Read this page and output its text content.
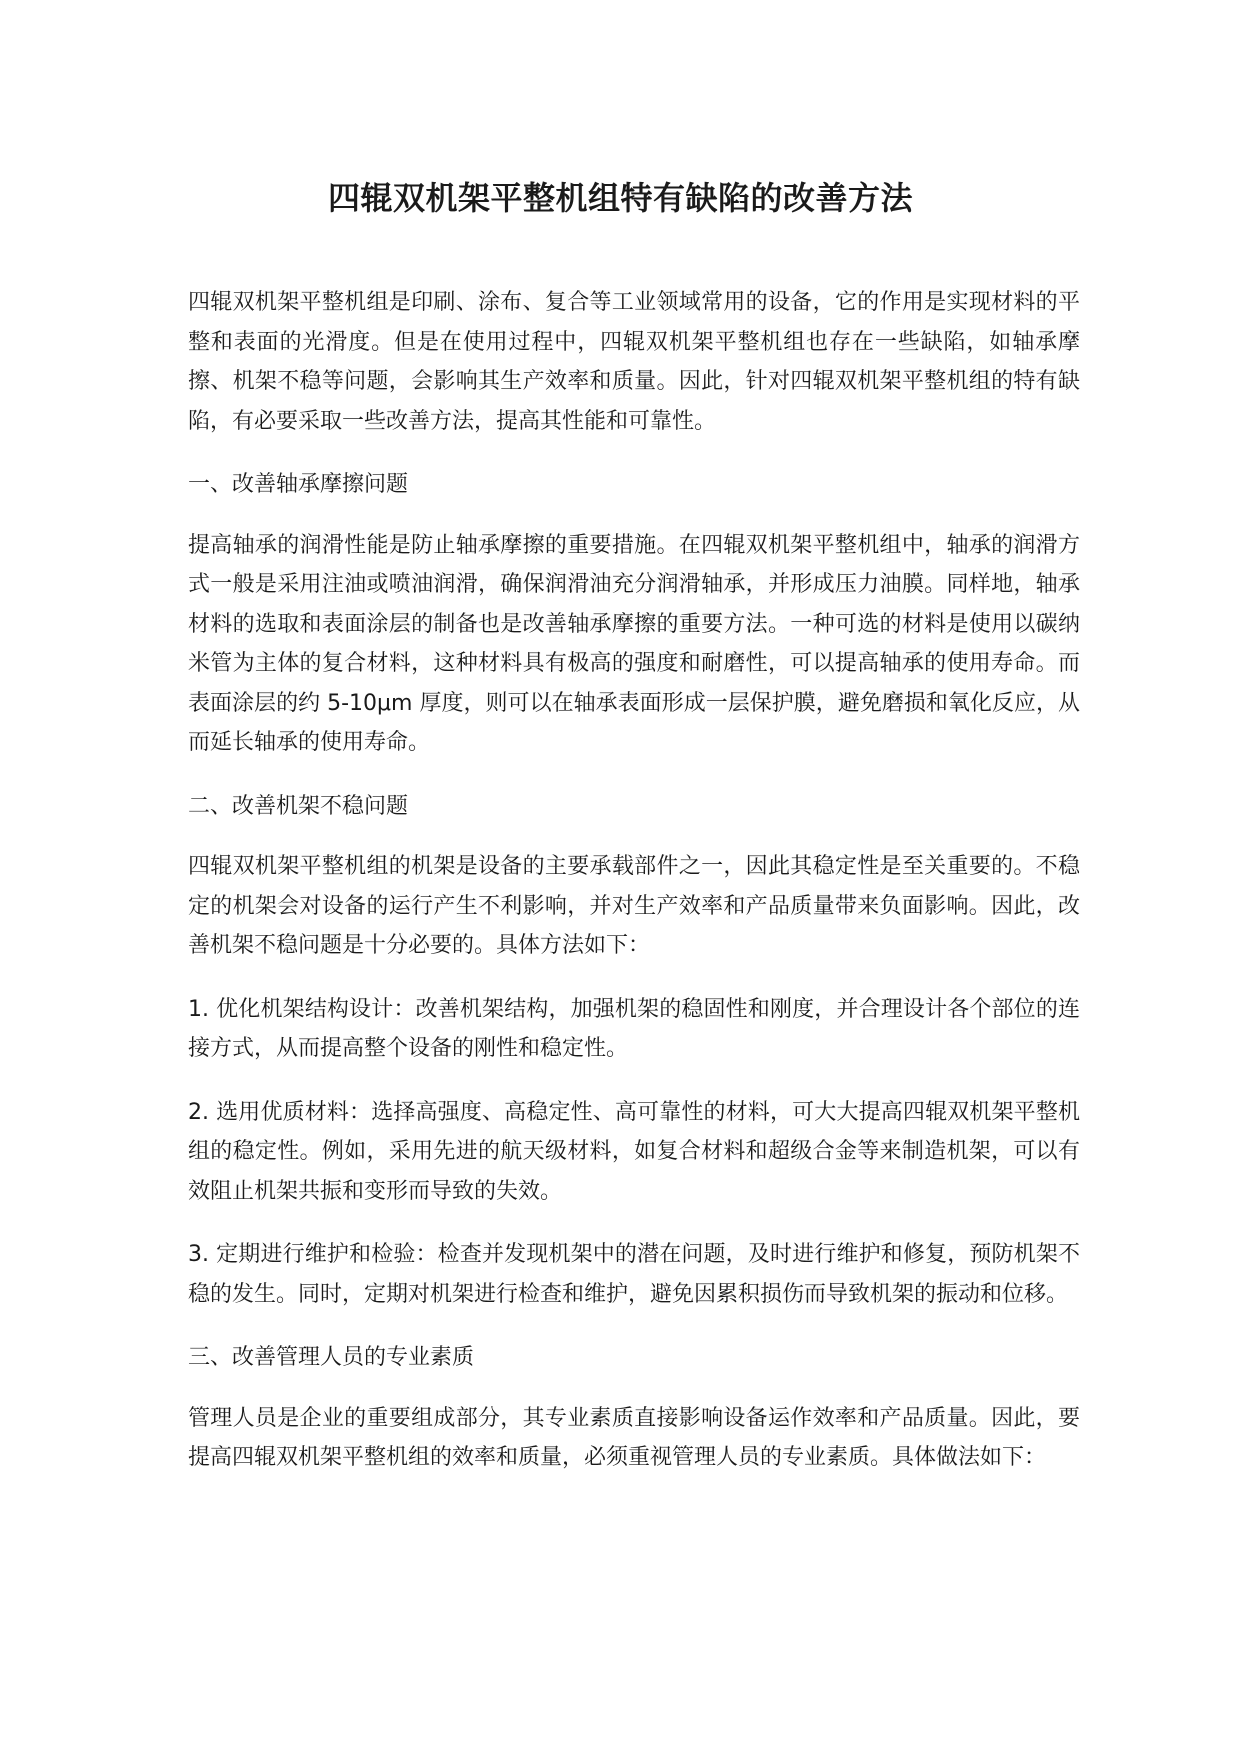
四辊双机架平整机组特有缺陷的改善方法

四辊双机架平整机组是印刷、涂布、复合等工业领域常用的设备，它的作用是实现材料的平整和表面的光滑度。但是在使用过程中，四辊双机架平整机组也存在一些缺陷，如轴承摩擦、机架不稳等问题，会影响其生产效率和质量。因此，针对四辊双机架平整机组的特有缺陷，有必要采取一些改善方法，提高其性能和可靠性。

一、改善轴承摩擦问题

提高轴承的润滑性能是防止轴承摩擦的重要措施。在四辊双机架平整机组中，轴承的润滑方式一般是采用注油或喷油润滑，确保润滑油充分润滑轴承，并形成压力油膜。同样地，轴承材料的选取和表面涂层的制备也是改善轴承摩擦的重要方法。一种可选的材料是使用以碳纳米管为主体的复合材料，这种材料具有极高的强度和耐磨性，可以提高轴承的使用寿命。而表面涂层的约 5-10μm 厚度，则可以在轴承表面形成一层保护膜，避免磨损和氧化反应，从而延长轴承的使用寿命。

二、改善机架不稳问题

四辊双机架平整机组的机架是设备的主要承载部件之一，因此其稳定性是至关重要的。不稳定的机架会对设备的运行产生不利影响，并对生产效率和产品质量带来负面影响。因此，改善机架不稳问题是十分必要的。具体方法如下：

1. 优化机架结构设计：改善机架结构，加强机架的稳固性和刚度，并合理设计各个部位的连接方式，从而提高整个设备的刚性和稳定性。

2. 选用优质材料：选择高强度、高稳定性、高可靠性的材料，可大大提高四辊双机架平整机组的稳定性。例如，采用先进的航天级材料，如复合材料和超级合金等来制造机架，可以有效阻止机架共振和变形而导致的失效。

3. 定期进行维护和检验：检查并发现机架中的潜在问题，及时进行维护和修复，预防机架不稳的发生。同时，定期对机架进行检查和维护，避免因累积损伤而导致机架的振动和位移。

三、改善管理人员的专业素质

管理人员是企业的重要组成部分，其专业素质直接影响设备运作效率和产品质量。因此，要提高四辊双机架平整机组的效率和质量，必须重视管理人员的专业素质。具体做法如下：
